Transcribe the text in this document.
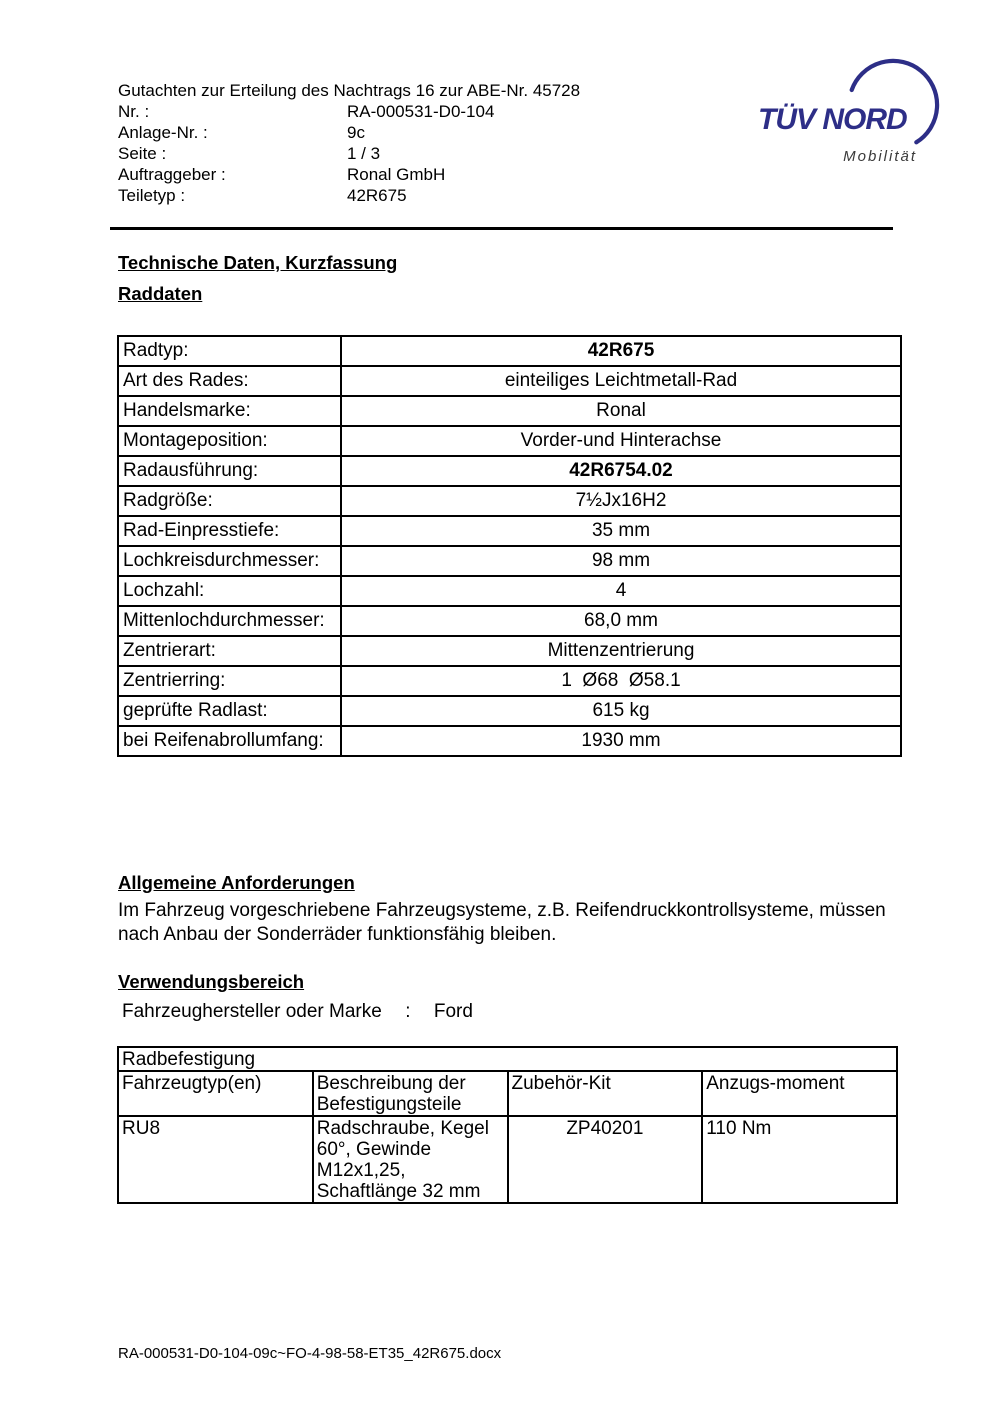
Gutachten zur Erteilung des Nachtrags 16 zur ABE-Nr. 45728
Nr. :	RA-000531-D0-104
Anlage-Nr. :	9c
Seite :	1 / 3
Auftraggeber :	Ronal GmbH
Teiletyp :	42R675
TÜV NORD
Mobilität
Technische Daten, Kurzfassung
Raddaten
Radtyp:	42R675
Art des Rades:	einteiliges Leichtmetall-Rad
Handelsmarke:	Ronal
Montageposition:	Vorder-und Hinterachse
Radausführung:	42R6754.02
Radgröße:	7½Jx16H2
Rad-Einpresstiefe:	35 mm
Lochkreisdurchmesser:	98 mm
Lochzahl:	4
Mittenlochdurchmesser:	68,0 mm
Zentrierart:	Mittenzentrierung
Zentrierring:	1  Ø68  Ø58.1
geprüfte Radlast:	615 kg
bei Reifenabrollumfang:	1930 mm
Allgemeine Anforderungen
Im Fahrzeug vorgeschriebene Fahrzeugsysteme, z.B. Reifendruckkontrollsysteme, müssen
nach Anbau der Sonderräder funktionsfähig bleiben.
Verwendungsbereich
Fahrzeughersteller oder Marke : Ford
Radbefestigung			
Fahrzeugtyp(en)	Beschreibung der Befestigungsteile	Zubehör-Kit	Anzugs-moment
RU8	Radschraube, Kegel 60°, Gewinde M12x1,25, Schaftlänge 32 mm	ZP40201	110 Nm
RA-000531-D0-104-09c~FO-4-98-58-ET35_42R675.docx
